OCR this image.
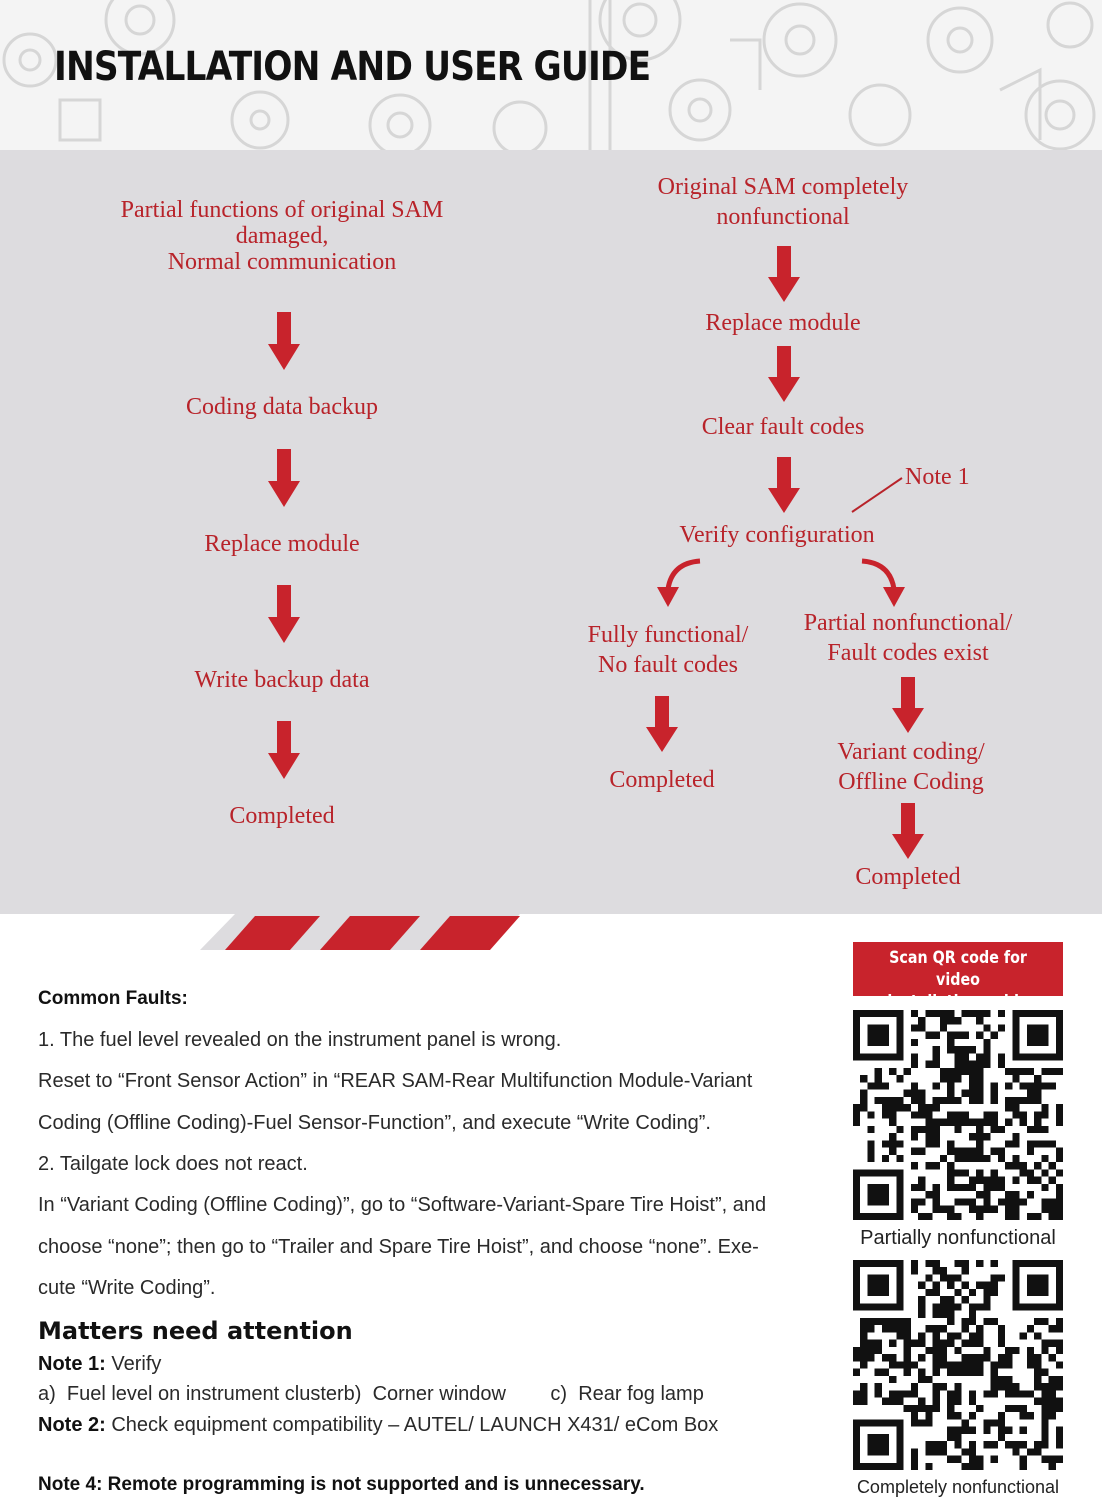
INSTALLATION AND USER GUIDE
Partial functions of original SAM
damaged,
Normal communication
Coding data backup
Replace module
Write backup data
Completed
Original SAM completely
nonfunctional
Replace module
Clear fault codes
Note 1
Verify configuration
Fully functional/
No fault codes
Completed
Partial nonfunctional/
Fault codes exist
Variant coding/
Offline Coding
Completed
Scan QR code for video
installation guide
Partially nonfunctional
Completely nonfunctional
Common Faults:
1. The fuel level revealed on the instrument panel is wrong.
Reset to “Front Sensor Action” in “REAR SAM-Rear Multifunction Module-Variant
Coding (Offline Coding)-Fuel Sensor-Function”, and execute “Write Coding”.
2. Tailgate lock does not react.
In “Variant Coding (Offline Coding)”, go to “Software-Variant-Spare Tire Hoist”, and
choose “none”; then go to “Trailer and Spare Tire Hoist”, and choose “none”. Exe-
cute “Write Coding”.
Matters need attention
Note 1: Verify
a)  Fuel level on instrument clusterb)  Corner window        c)  Rear fog lamp
Note 2: Check equipment compatibility – AUTEL/ LAUNCH X431/ eCom Box
Note 4: Remote programming is not supported and is unnecessary.
